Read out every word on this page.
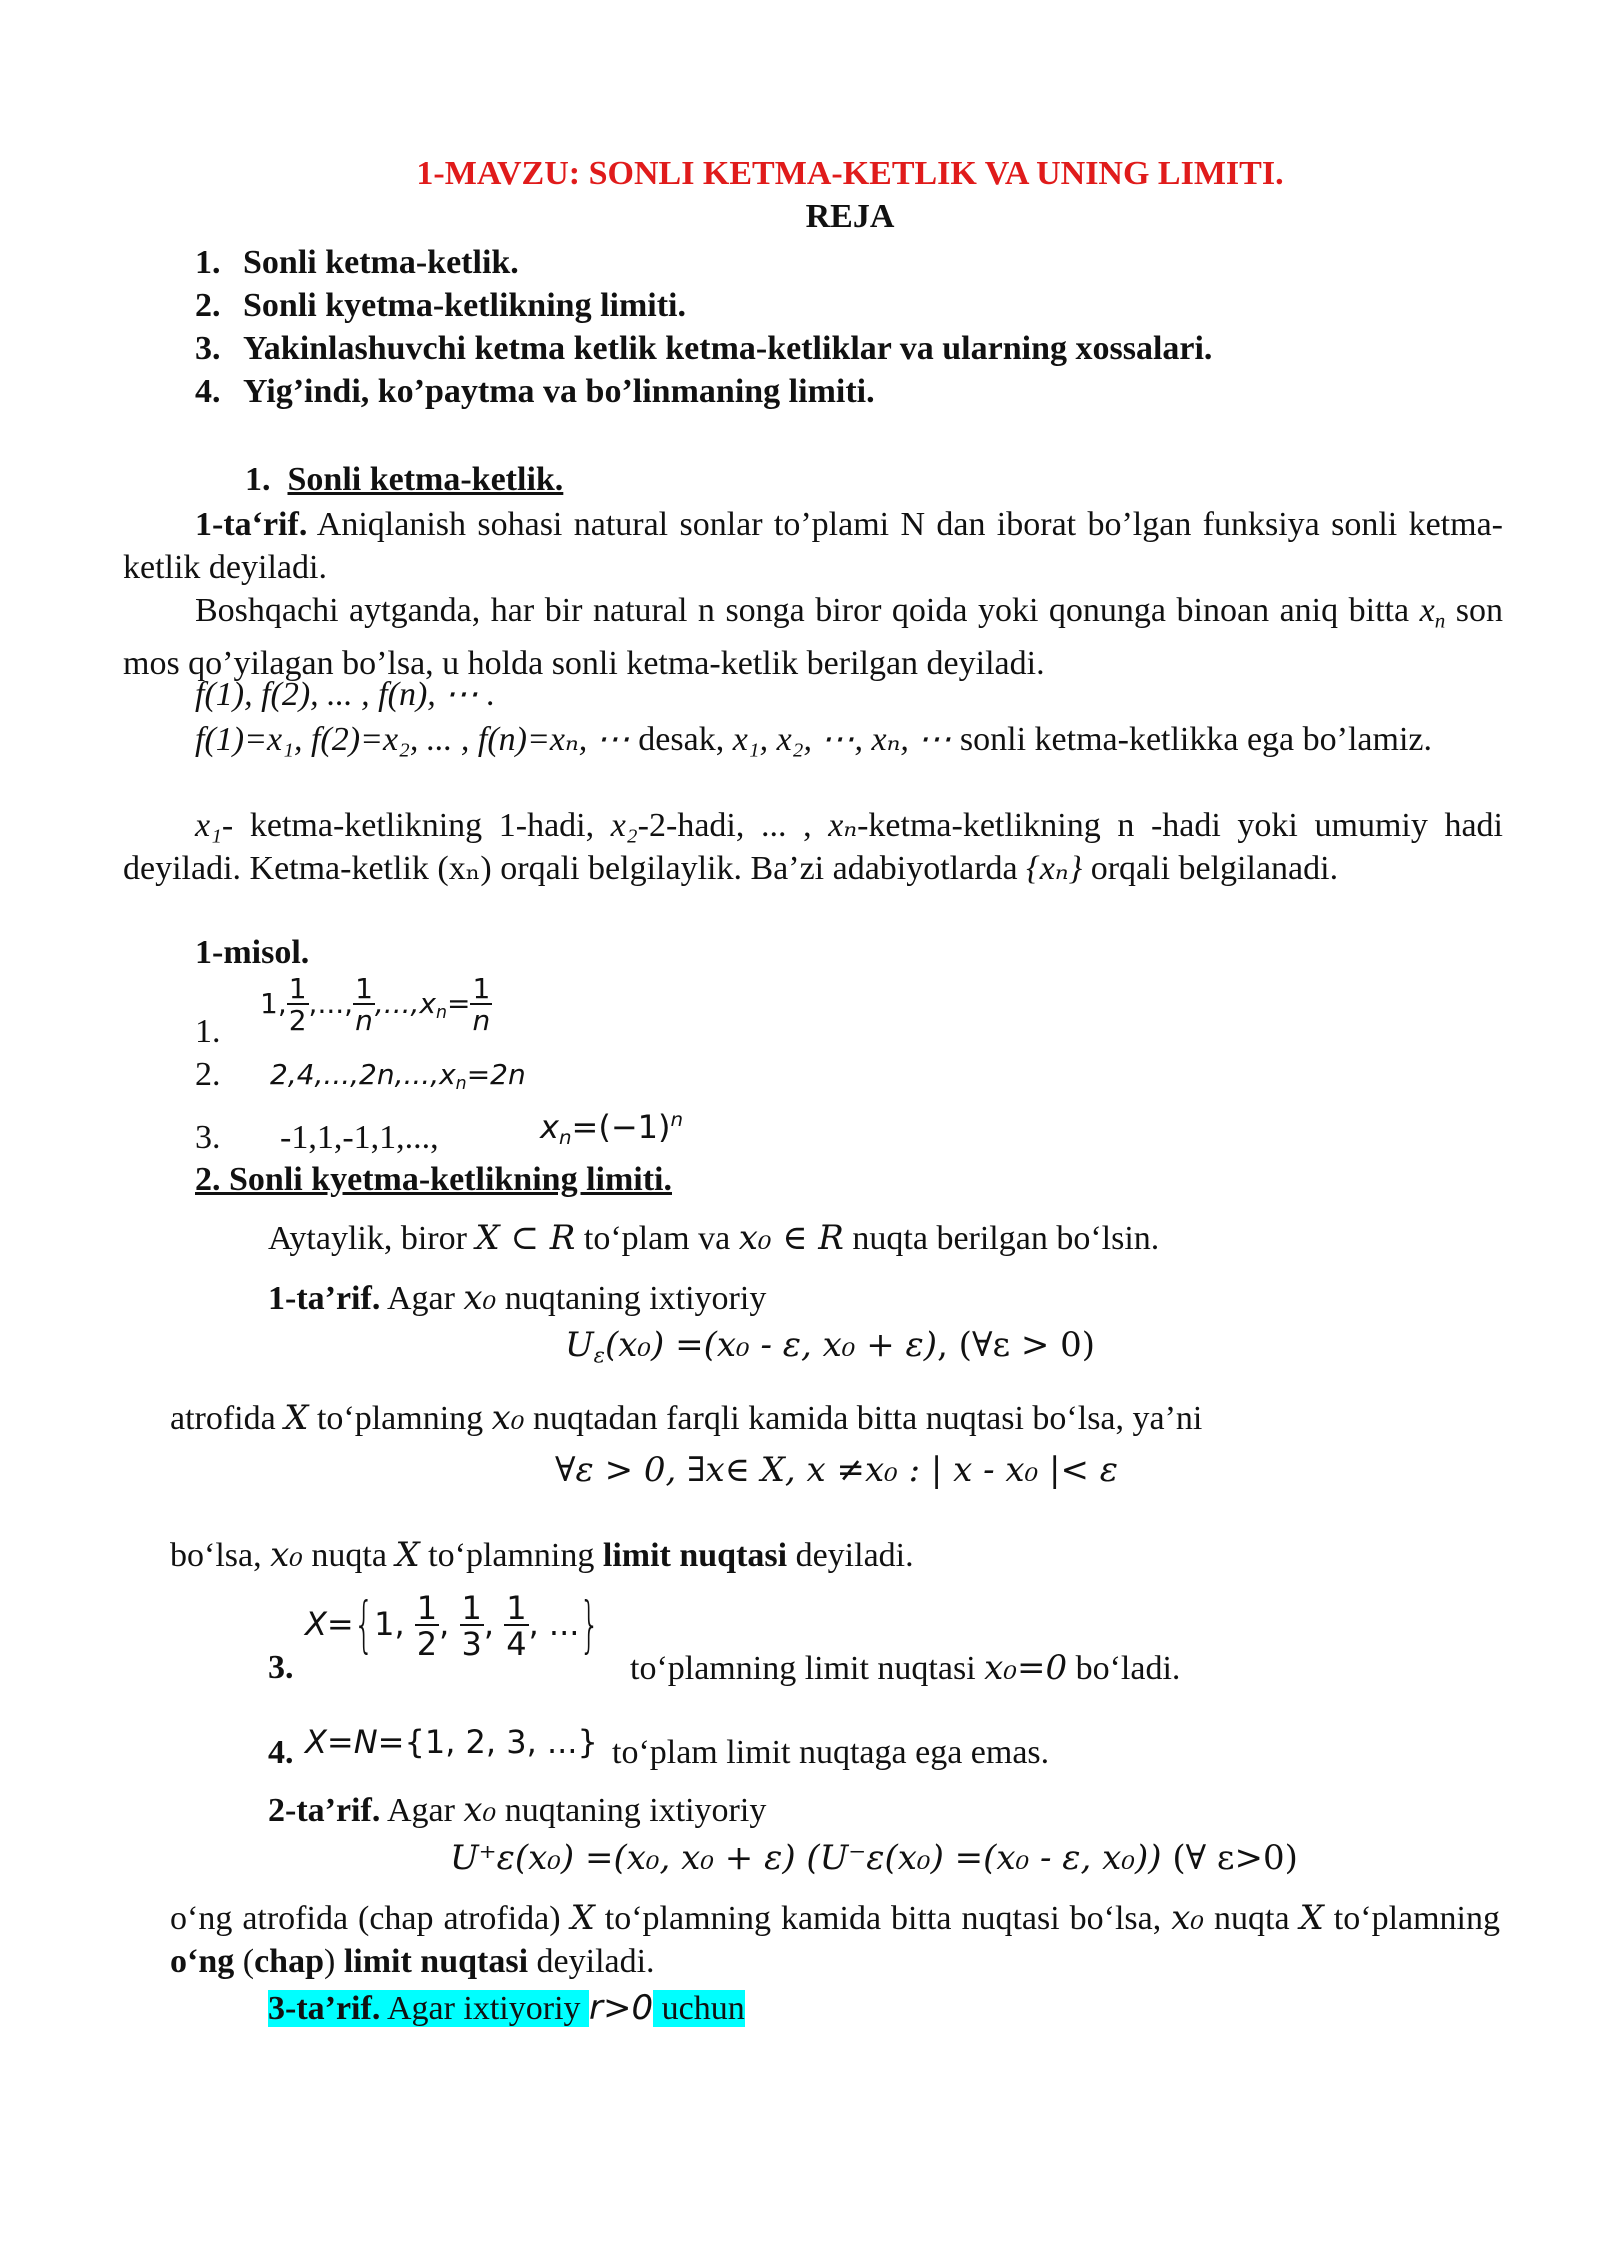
1-MAVZU: SONLI KETMA-KETLIK VA UNING LIMITI.
REJA
1. Sonli ketma-ketlik.
2. Sonli kyetma-ketlikning limiti.
3. Yakinlashuvchi ketma ketlik ketma-ketliklar va ularning xossalari.
4. Yig’indi, ko’paytma va bo’linmaning limiti.
1. Sonli ketma-ketlik.
1-ta‘rif. Aniqlanish sohasi natural sonlar to’plami N dan iborat bo’lgan funksiya sonli ketma-ketlik deyiladi.
Boshqachi aytganda, har bir natural n songa biror qoida yoki qonunga binoan aniq bitta $x_n$ son mos qo’yilagan bo’lsa, u holda sonli ketma-ketlik berilgan deyiladi.
f(1), f(2), ... , f(n), ⋯ .
f(1)=x₁, f(2)=x₂, ... , f(n)=xₙ, ⋯ desak, x₁, x₂, ⋯, xₙ, ⋯ sonli ketma-ketlikka ega bo’lamiz.
x₁- ketma-ketlikning 1-hadi, x₂-2-hadi, ... , xₙ-ketma-ketlikning n -hadi yoki umumiy hadi deyiladi. Ketma-ketlik (xₙ) orqali belgilaylik. Ba’zi adabiyotlarda {xₙ} orqali belgilanadi.
1-misol.
1.
1, $\frac{1}{2}$ ,..., $\frac{1}{n} ,...,x_n= \frac{1}{n}$
2. $2,4,...,2n,...,x_n=2n$
3. -1,1,-1,1,...,	$x_n=(-1)^n$
2. Sonli kyetma-ketlikning limiti.
Aytaylik, biror X ⊂ R to‘plam va x₀ ∈ R nuqta berilgan bo‘lsin.
1-ta’rif. Agar x₀ nuqtaning ixtiyoriy
$U_\varepsilon(x_0) =(x_0 - \varepsilon$, x₀ + ε), (∀ε > 0)
atrofida X to‘plamning x₀ nuqtadan farqli kamida bitta nuqtasi bo‘lsa, ya’ni
∀ε > 0, ∃x∈ X, x ≠x₀ : | x - x₀ |< ε
bo‘lsa, x₀ nuqta X to‘plamning limit nuqtasi deyiladi.
3.
X={1, $\frac{1}{2}$ , $\frac{1}{3}$ , $\frac{1}{4}$ , ...}
to‘plamning limit nuqtasi x₀=0 bo‘ladi.
4. X=N={1, 2, 3, ...} to‘plam limit nuqtaga ega emas.
2-ta’rif. Agar x₀ nuqtaning ixtiyoriy
U⁺ε(x₀) =(x₀, x₀ + ε) (U⁻ε(x₀) =(x₀ - ε, x₀)) (∀ ε>0)
o‘ng atrofida (chap atrofida) X to‘plamning kamida bitta nuqtasi bo‘lsa, x₀ nuqta X to‘plamning o‘ng (chap) limit nuqtasi deyiladi.
3-ta’rif. Agar ixtiyoriy r>0 uchun
